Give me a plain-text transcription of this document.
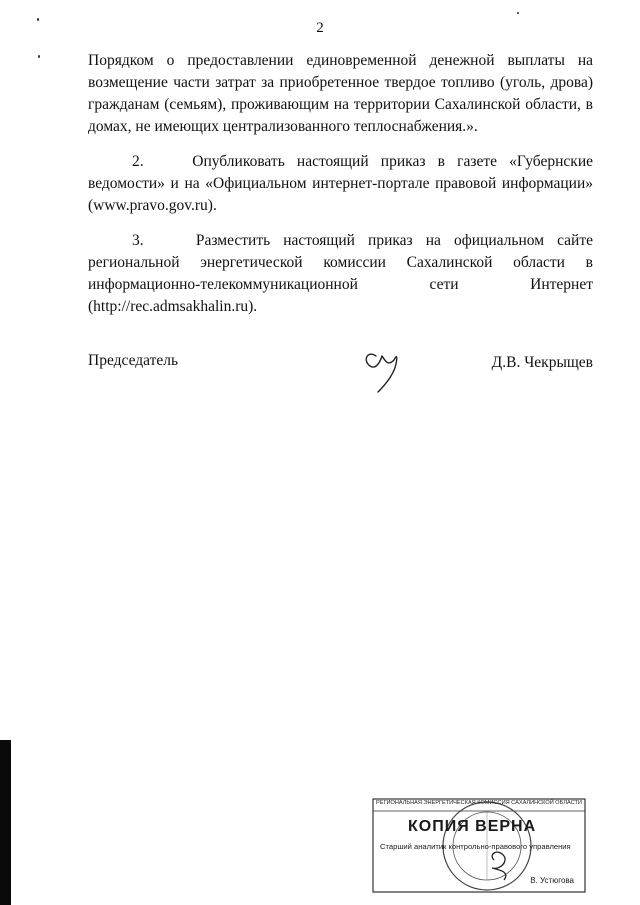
2

Порядком о предоставлении единовременной денежной выплаты на возмещение части затрат за приобретенное твердое топливо (уголь, дрова) гражданам (семьям), проживающим на территории Сахалинской области, в домах, не имеющих централизованного теплоснабжения.».

2.    Опубликовать настоящий приказ в газете «Губернские ведомости» и на «Официальном интернет-портале правовой информации» (www.pravo.gov.ru).

3.    Разместить настоящий приказ на официальном сайте региональной энергетической комиссии Сахалинской области в информационно-телекоммуникационной сети Интернет (http://rec.admsakhalin.ru).

Председатель	Д.В. Чекрыщев
РЕГИОНАЛЬНАЯ ЭНЕРГЕТИЧЕСКАЯ КОМИССИЯ САХАЛИНСКОЙ ОБЛАСТИ
КОПИЯ ВЕРНА
Старший аналитик контрольно-правового управления
В. Устюгова
